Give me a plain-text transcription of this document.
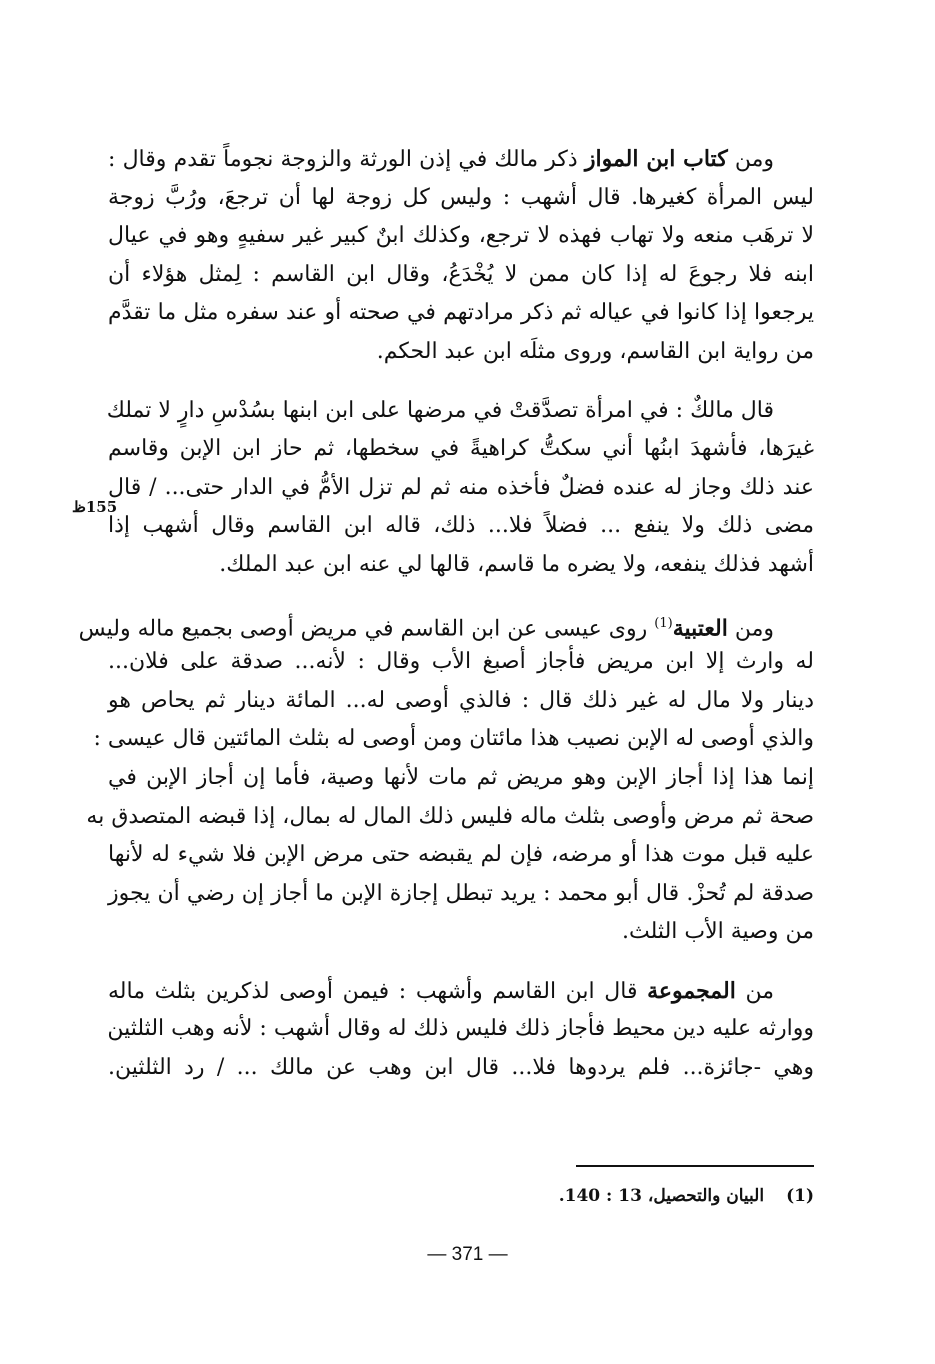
ومن كتاب ابن المواز ذكر مالك في إذن الورثة والزوجة نجوماً تقدم وقال :
ليس المرأة كغيرها. قال أشهب : وليس كل زوجة لها أن ترجعَ، ورُبَّ زوجة
لا ترهَب منعه ولا تهاب فهذه لا ترجع، وكذلك ابنٌ كبير غير سفيهٍ وهو في عيال
ابنه فلا رجوعَ له إذا كان ممن لا يُخْدَعُ، وقال ابن القاسم : لِمثل هؤلاء أن
يرجعوا إذا كانوا في عياله ثم ذكر مرادتهم في صحته أو عند سفره مثل ما تقدَّم
من رواية ابن القاسم، وروى مثلَه ابن عبد الحكم.
قال مالكٌ : في امرأة تصدَّقتْ في مرضها على ابن ابنها بسُدْسِ دارٍ لا تملك
غيرَها، فأشهدَ ابنُها أني سكتُّ كراهيةً في سخطها، ثم حاز ابن الإبن وقاسم
عند ذلك وجاز له عنده فضلٌ فأخذه منه ثم لم تزل الأمُّ في الدار حتى... / قال
مضى ذلك ولا ينفع ... فضلاً فلا... ذلك، قاله ابن القاسم وقال أشهب إذا
أشهد فذلك ينفعه، ولا يضره ما قاسم، قالها لي عنه ابن عبد الملك.
ومن العتبية$^{(1)}$ روى عيسى عن ابن القاسم في مريض أوصى بجميع ماله وليس
له وارث إلا ابن مريض فأجاز أصبغ الأب وقال : لأنه... صدقة على فلان...
دينار ولا مال له غير ذلك قال : فالذي أوصى له... المائة دينار ثم يحاص هو
والذي أوصى له الإبن نصيب هذا مائتان ومن أوصى له بثلث المائتين قال عيسى :
إنما هذا إذا أجاز الإبن وهو مريض ثم مات لأنها وصية، فأما إن أجاز الإبن في
صحة ثم مرض وأوصى بثلث ماله فليس ذلك المال له بمال، إذا قبضه المتصدق به
عليه قبل موت هذا أو مرضه، فإن لم يقبضه حتى مرض الإبن فلا شيء له لأنها
صدقة لم تُحزْ. قال أبو محمد : يريد تبطل إجازة الإبن ما أجاز إن رضي أن يجوز
من وصية الأب الثلث.
من المجموعة قال ابن القاسم وأشهب : فيمن أوصى لذكرين بثلث ماله
ووارثه عليه دين محيط فأجاز ذلك فليس ذلك له وقال أشهب : لأنه وهب الثلثين
وهي -جائزة... فلم يردوها فلا... قال ابن وهب عن مالك ... / رد الثلثين.
155ظ
(1)البيان والتحصيل، 13 : 140.
— 371 —
